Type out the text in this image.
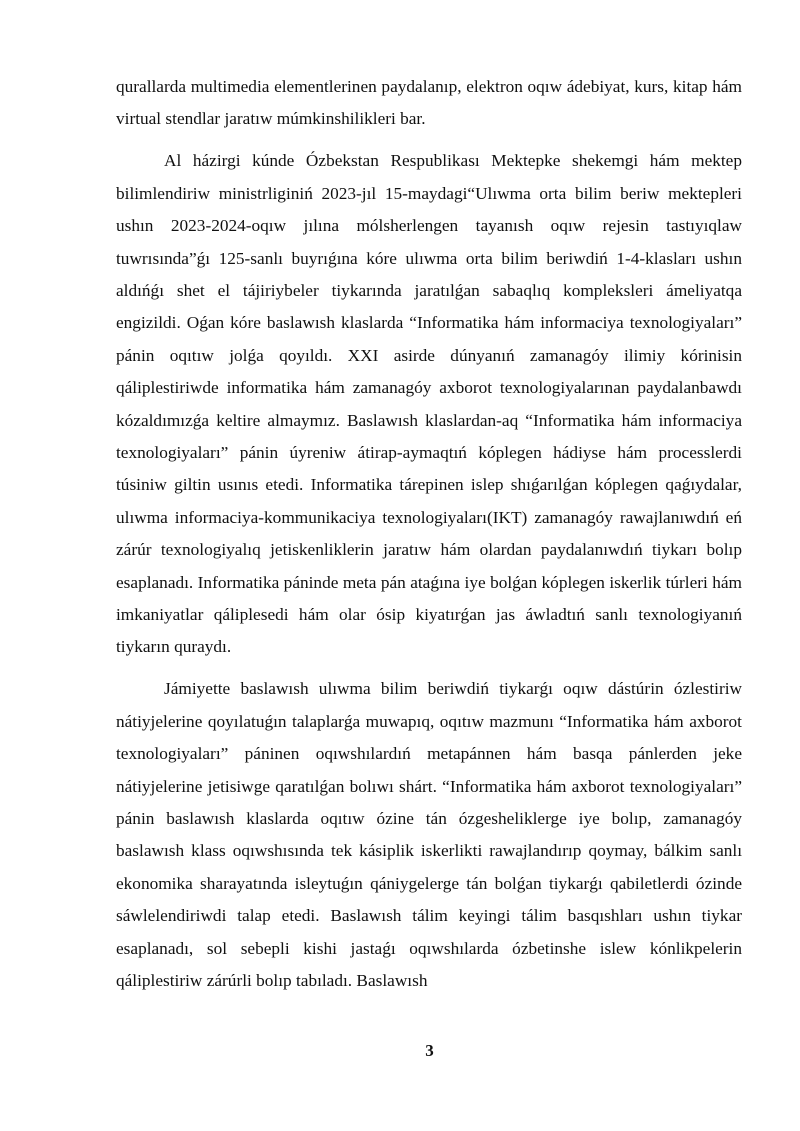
qurallarda multimedia elementlerinen paydalanıp, elektron oqıw ádebiyat, kurs, kitap hám virtual stendlar jaratıw múmkinshilikleri bar.

Al házirgi kúnde Ózbekstan Respublikası Mektepke shekemgi hám mektep bilimlendiriw ministrliginiń 2023-jıl 15-maydagi“Ulıwma orta bilim beriw mektepleri ushın 2023-2024-oqıw jılına mólsherlengen tayanısh oqıw rejesin tastıyıqlaw tuwrısında”ǵı 125-sanlı buyrıǵına kóre ulıwma orta bilim beriwdiń 1-4-klasları ushın aldıńǵı shet el tájiriybeler tiykarında jaratılǵan sabaqlıq kompleksleri ámeliyatqa engizildi. Oǵan kóre baslawısh klaslarda “Informatika hám informaciya texnologiyaları” pánin oqıtıw jolǵa qoyıldı. XXI asirde dúnyanıń zamanagóy ilimiy kórinisin qáliplestiriwde informatika hám zamanagóy axborot texnologiyalarınan paydalanbawdı kózaldımızǵa keltire almaymız. Baslawısh klaslardan-aq “Informatika hám informaciya texnologiyaları” pánin úyreniw átirap-aymaqtıń kóplegen hádiyse hám processlerdi túsiniw giltin usınıs etedi. Informatika tárepinen islep shıǵarılǵan kóplegen qaǵıydalar, ulıwma informaciya-kommunikaciya texnologiyaları(IKT) zamanagóy rawajlanıwdıń eń zárúr texnologiyalıq jetiskenliklerin jaratıw hám olardan paydalanıwdıń tiykarı bolıp esaplanadı. Informatika páninde meta pán ataǵına iye bolǵan kóplegen iskerlik túrleri hám imkaniyatlar qáliplesedi hám olar ósip kiyatırǵan jas áwladtıń sanlı texnologiyanıń tiykarın quraydı.

Jámiyette baslawısh ulıwma bilim beriwdiń tiykarǵı oqıw dástúrin ózlestiriw nátiyjelerine qoyılatuǵın talaplarǵa muwapıq, oqıtıw mazmunı “Informatika hám axborot texnologiyaları” páninen oqıwshılardıń metapánnen hám basqa pánlerden jeke nátiyjelerine jetisiwge qaratılǵan bolıwı shárt. “Informatika hám axborot texnologiyaları” pánin baslawısh klaslarda oqıtıw ózine tán ózgesheliklerge iye bolıp, zamanagóy baslawısh klass oqıwshısında tek kásiplik iskerlikti rawajlandırıp qoymay, bálkim sanlı ekonomika sharayatında isleytuǵın qániygelerge tán bolǵan tiykarǵı qabiletlerdi ózinde sáwlelendiriwdi talap etedi. Baslawısh tálim keyingi tálim basqıshları ushın tiykar esaplanadı, sol sebepli kishi jastaǵı oqıwshılarda ózbetinshe islew kónlikpelerin qáliplestiriw zárúrli bolıp tabıladı. Baslawısh

3
